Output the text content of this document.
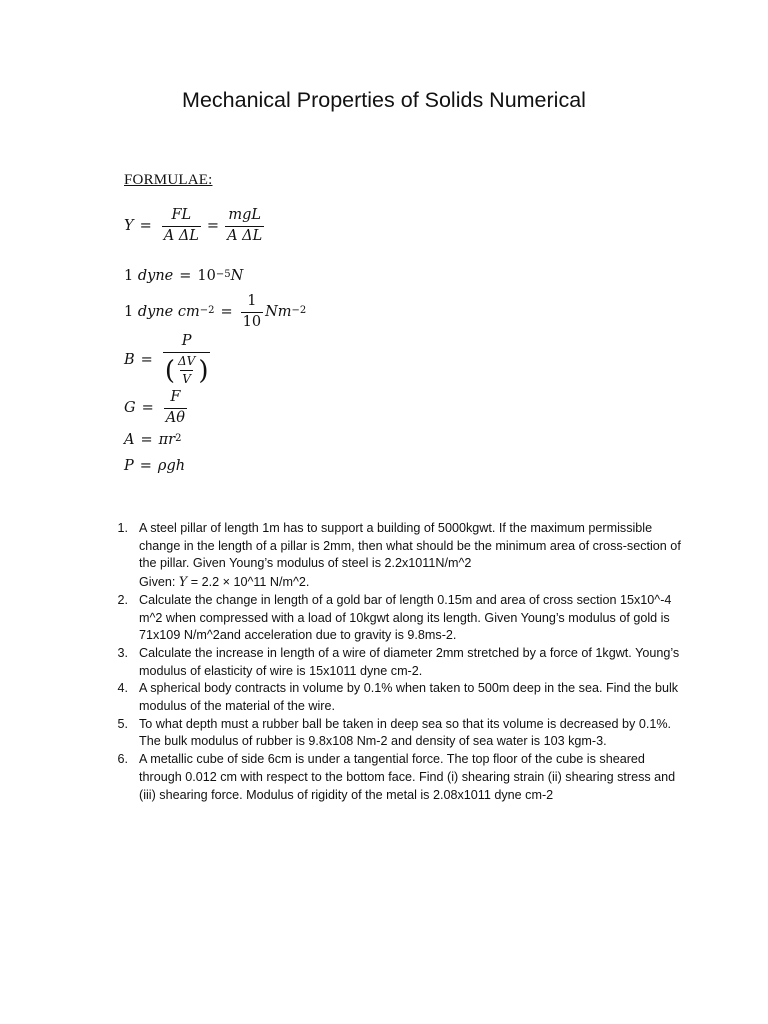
Mechanical Properties of Solids Numerical
FORMULAE:
$Y = \frac{FL}{\text{A ΔL}} = \frac{\text{mgL}}{\text{A ΔL}}$
1
dyne = $10^{-5}$ N
1
dyne $cm^{-2} = \frac{1}{10} Nm^{-2}$
$B = \frac{P}{( \frac{\Delta V}{V} )}$
$G = \frac{F}{A\theta}$
$A = \pi r^2$
P = ρgh
1. A steel pillar of length 1m has to support a building of 5000kgwt. If the maximum permissible change in the length of a pillar is 2mm, then what should be the minimum area of cross-section of the pillar. Given Young’s modulus of steel is 2.2x1011N/m^2
Given: Y = 2.2 × 10^11 N/m^2.
2. Calculate the change in length of a gold bar of length 0.15m and area of cross section 15x10^-4 m^2 when compressed with a load of 10kgwt along its length. Given Young’s modulus of gold is 71x109 N/m^2and acceleration due to gravity is 9.8ms-2.
3. Calculate the increase in length of a wire of diameter 2mm stretched by a force of 1kgwt. Young’s modulus of elasticity of wire is 15x1011 dyne cm-2.
4. A spherical body contracts in volume by 0.1% when taken to 500m deep in the sea. Find the bulk modulus of the material of the wire.
5. To what depth must a rubber ball be taken in deep sea so that its volume is decreased by 0.1%. The bulk modulus of rubber is 9.8x108 Nm-2 and density of sea water is 103 kgm-3.
6. A metallic cube of side 6cm is under a tangential force. The top floor of the cube is sheared through 0.012 cm with respect to the bottom face. Find (i) shearing strain (ii) shearing stress and (iii) shearing force. Modulus of rigidity of the metal is 2.08x1011 dyne cm-2
